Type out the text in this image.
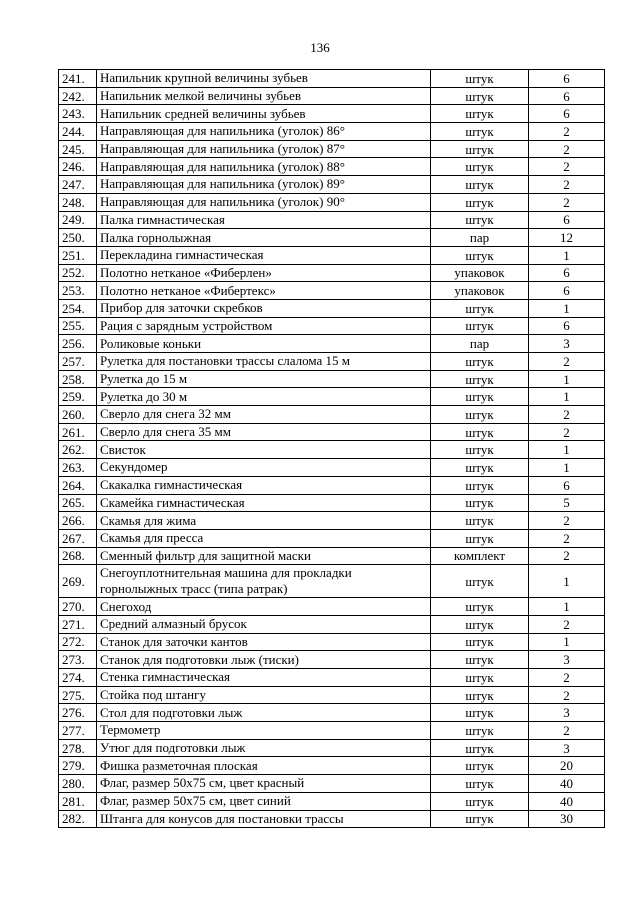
136
241.	Напильник крупной величины зубьев	штук	6
242.	Напильник мелкой величины зубьев	штук	6
243.	Напильник средней величины зубьев	штук	6
244.	Направляющая для напильника (уголок) 86°	штук	2
245.	Направляющая для напильника (уголок) 87°	штук	2
246.	Направляющая для напильника (уголок) 88°	штук	2
247.	Направляющая для напильника (уголок) 89°	штук	2
248.	Направляющая для напильника (уголок) 90°	штук	2
249.	Палка гимнастическая	штук	6
250.	Палка горнолыжная	пар	12
251.	Перекладина гимнастическая	штук	1
252.	Полотно нетканое «Фиберлен»	упаковок	6
253.	Полотно нетканое «Фибертекс»	упаковок	6
254.	Прибор для заточки скребков	штук	1
255.	Рация с зарядным устройством	штук	6
256.	Роликовые коньки	пар	3
257.	Рулетка для постановки трассы слалома 15 м	штук	2
258.	Рулетка до 15 м	штук	1
259.	Рулетка до 30 м	штук	1
260.	Сверло для снега 32 мм	штук	2
261.	Сверло для снега 35 мм	штук	2
262.	Свисток	штук	1
263.	Секундомер	штук	1
264.	Скакалка гимнастическая	штук	6
265.	Скамейка гимнастическая	штук	5
266.	Скамья для жима	штук	2
267.	Скамья для пресса	штук	2
268.	Сменный фильтр для защитной маски	комплект	2
269.	Снегоуплотнительная машина для прокладки горнолыжных трасс (типа ратрак)	штук	1
270.	Снегоход	штук	1
271.	Средний алмазный брусок	штук	2
272.	Станок для заточки кантов	штук	1
273.	Станок для подготовки лыж (тиски)	штук	3
274.	Стенка гимнастическая	штук	2
275.	Стойка под штангу	штук	2
276.	Стол для подготовки лыж	штук	3
277.	Термометр	штук	2
278.	Утюг для подготовки лыж	штук	3
279.	Фишка разметочная плоская	штук	20
280.	Флаг, размер 50x75 см, цвет красный	штук	40
281.	Флаг, размер 50x75 см, цвет синий	штук	40
282.	Штанга для конусов для постановки трассы	штук	30
